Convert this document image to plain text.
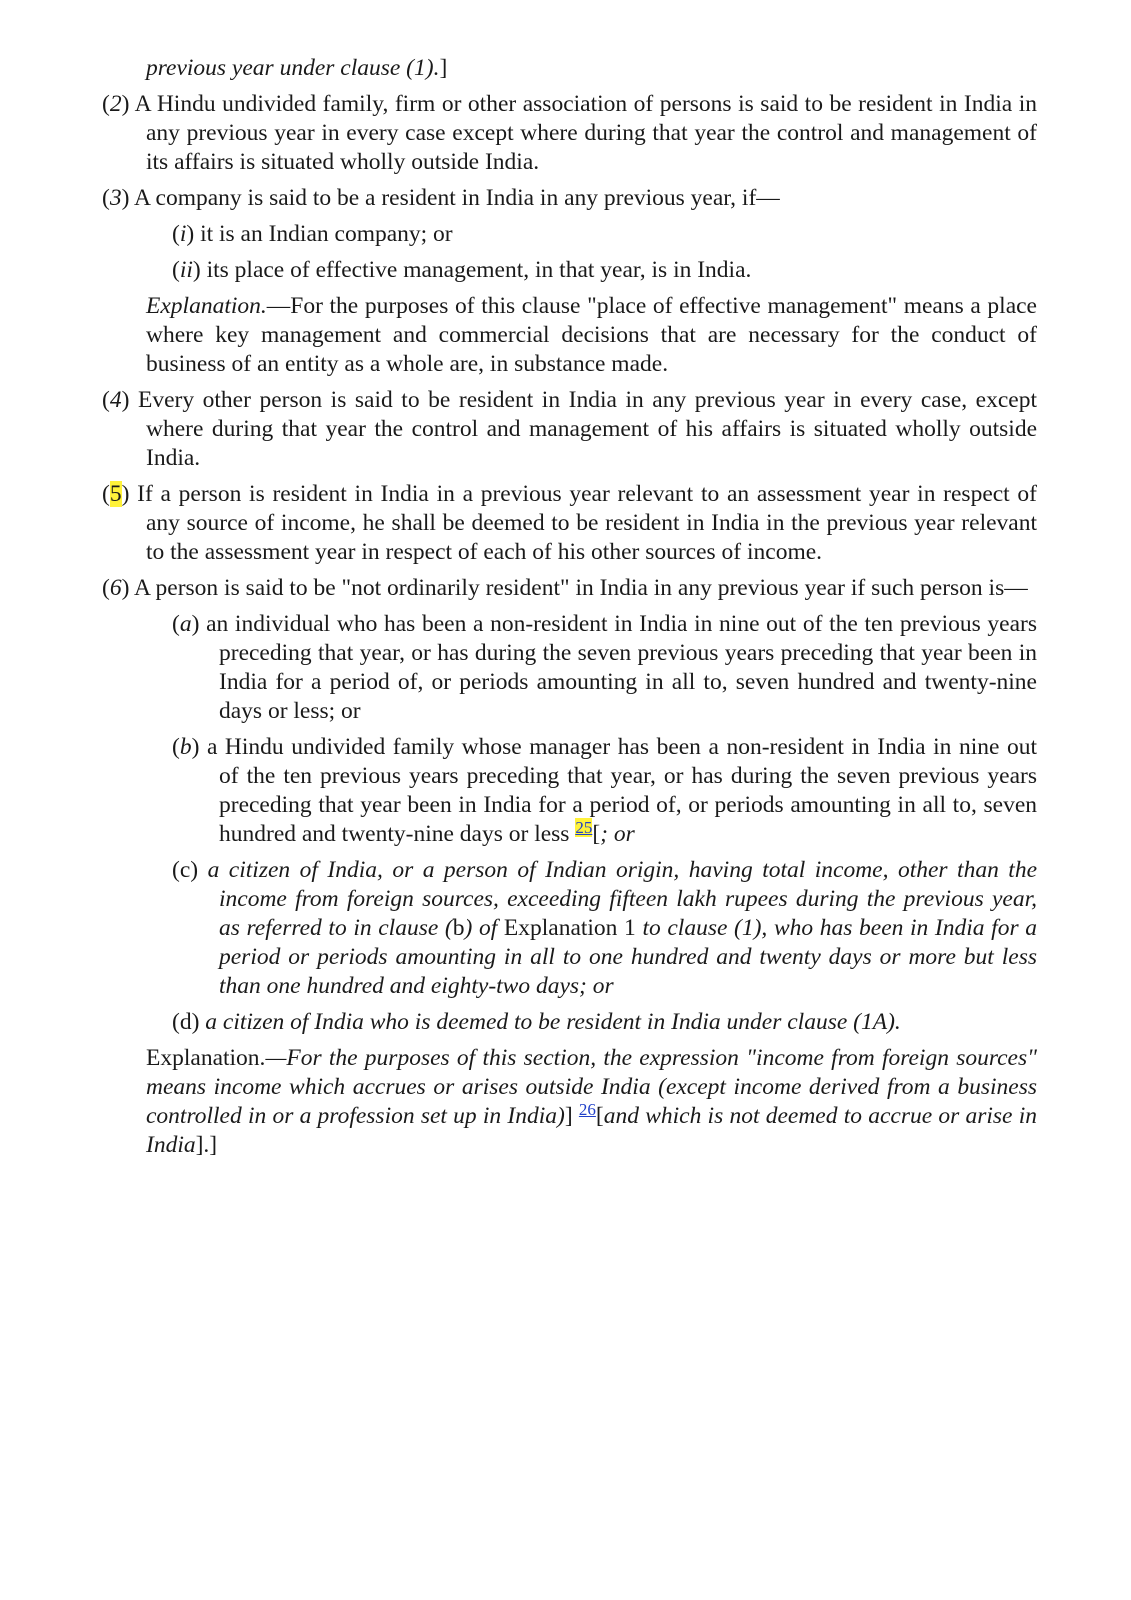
previous year under clause (1).]

(2) A Hindu undivided family, firm or other association of persons is said to be resident in India in any previous year in every case except where during that year the control and management of its affairs is situated wholly outside India.

(3) A company is said to be a resident in India in any previous year, if—

(i) it is an Indian company; or

(ii) its place of effective management, in that year, is in India.

Explanation.—For the purposes of this clause "place of effective management" means a place where key management and commercial decisions that are necessary for the conduct of business of an entity as a whole are, in substance made.

(4) Every other person is said to be resident in India in any previous year in every case, except where during that year the control and management of his affairs is situated wholly outside India.

(5) If a person is resident in India in a previous year relevant to an assessment year in respect of any source of income, he shall be deemed to be resident in India in the previous year relevant to the assessment year in respect of each of his other sources of income.

(6) A person is said to be "not ordinarily resident" in India in any previous year if such person is—

(a) an individual who has been a non-resident in India in nine out of the ten previous years preceding that year, or has during the seven previous years preceding that year been in India for a period of, or periods amounting in all to, seven hundred and twenty-nine days or less; or

(b) a Hindu undivided family whose manager has been a non-resident in India in nine out of the ten previous years preceding that year, or has during the seven previous years preceding that year been in India for a period of, or periods amounting in all to, seven hundred and twenty-nine days or less $^{25}$[; or

(c) a citizen of India, or a person of Indian origin, having total income, other than the income from foreign sources, exceeding fifteen lakh rupees during the previous year, as referred to in clause (b) of Explanation 1 to clause (1), who has been in India for a period or periods amounting in all to one hundred and twenty days or more but less than one hundred and eighty-two days; or

(d) a citizen of India who is deemed to be resident in India under clause (1A).

Explanation.—For the purposes of this section, the expression "income from foreign sources" means income which accrues or arises outside India (except income derived from a business controlled in or a profession set up in India)] $^{26}$[and which is not deemed to accrue or arise in India].]
